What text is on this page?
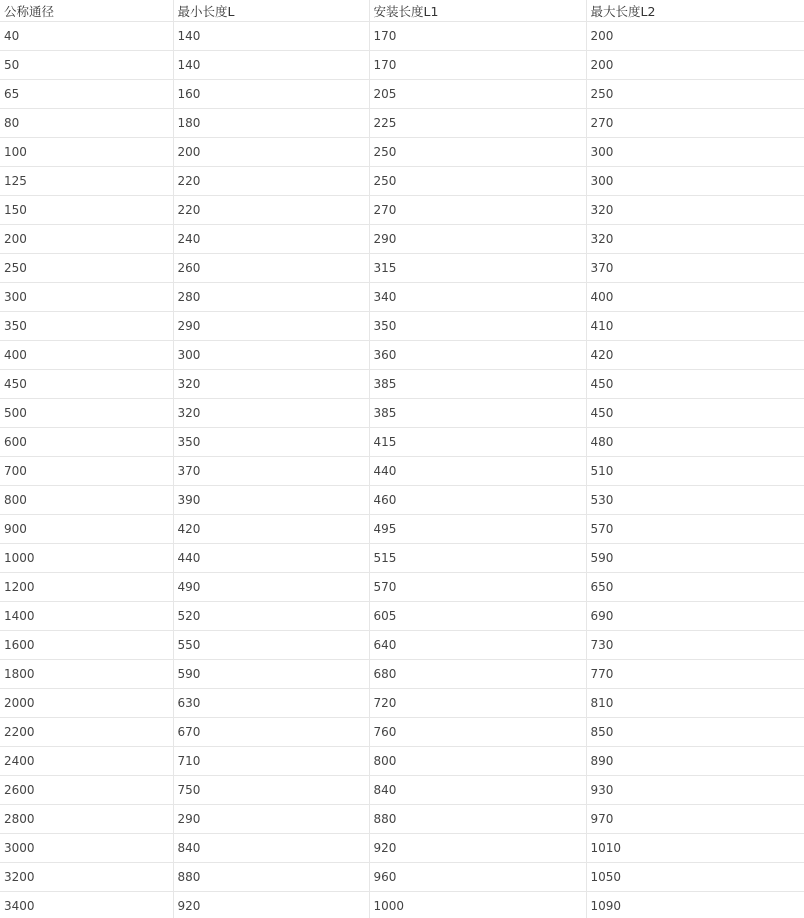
公称通径	最小长度L	安装长度L1	最大长度L2
40	140	170	200
50	140	170	200
65	160	205	250
80	180	225	270
100	200	250	300
125	220	250	300
150	220	270	320
200	240	290	320
250	260	315	370
300	280	340	400
350	290	350	410
400	300	360	420
450	320	385	450
500	320	385	450
600	350	415	480
700	370	440	510
800	390	460	530
900	420	495	570
1000	440	515	590
1200	490	570	650
1400	520	605	690
1600	550	640	730
1800	590	680	770
2000	630	720	810
2200	670	760	850
2400	710	800	890
2600	750	840	930
2800	290	880	970
3000	840	920	1010
3200	880	960	1050
3400	920	1000	1090
